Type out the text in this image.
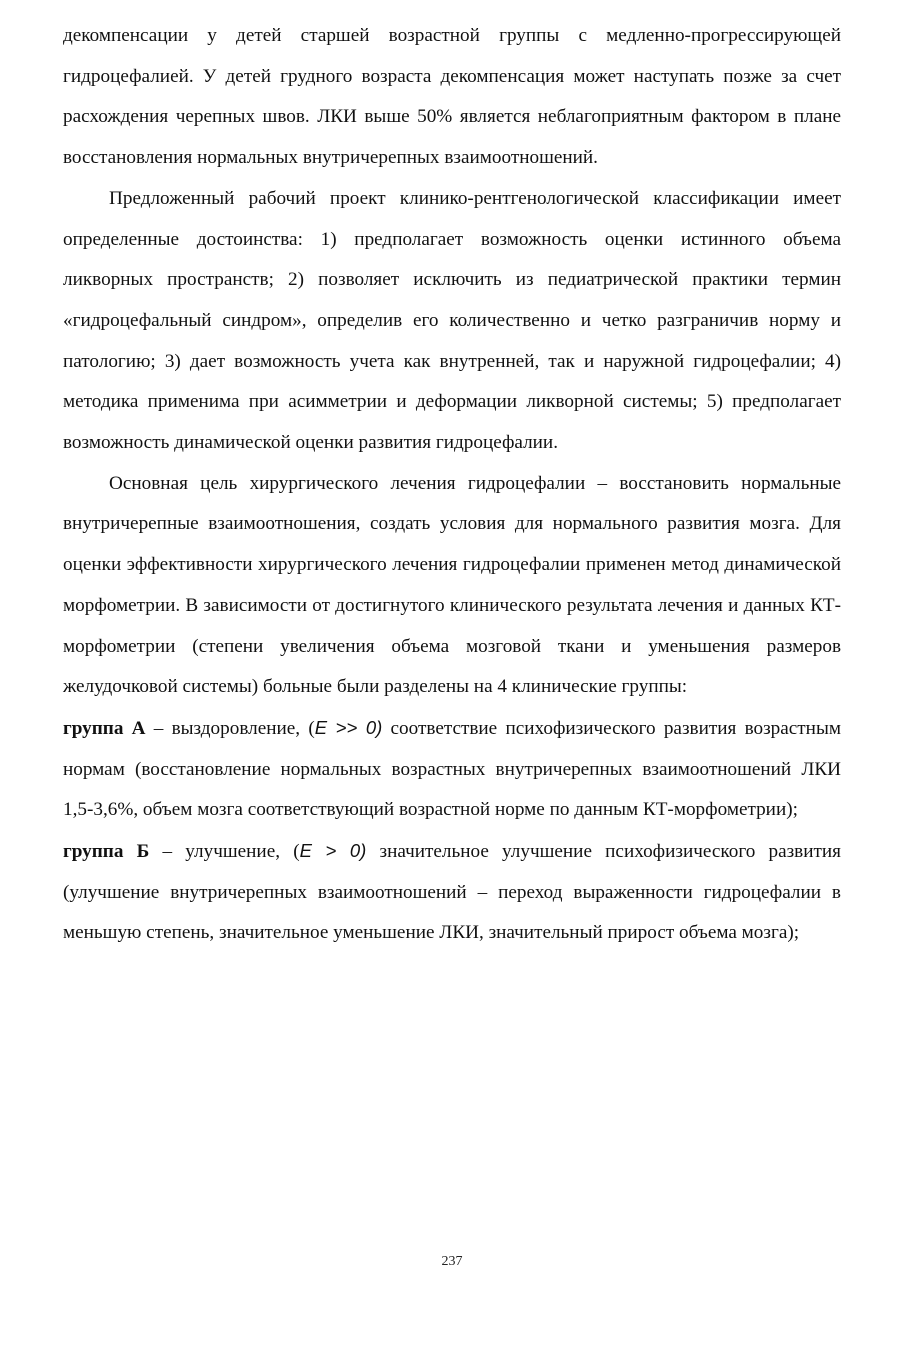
декомпенсации у детей старшей возрастной группы с медленно-прогрессирующей гидроцефалией. У детей грудного возраста декомпенсация может наступать позже за счет расхождения черепных швов. ЛКИ выше 50% является неблагоприятным фактором в плане восстановления нормальных внутричерепных взаимоотношений.

Предложенный рабочий проект клинико-рентгенологической классификации имеет определенные достоинства: 1) предполагает возможность оценки истинного объема ликворных пространств; 2) позволяет исключить из педиатрической практики термин «гидроцефальный синдром», определив его количественно и четко разграничив норму и патологию; 3) дает возможность учета как внутренней, так и наружной гидроцефалии; 4) методика применима при асимметрии и деформации ликворной системы; 5) предполагает возможность динамической оценки развития гидроцефалии.

Основная цель хирургического лечения гидроцефалии – восстановить нормальные внутричерепные взаимоотношения, создать условия для нормального развития мозга. Для оценки эффективности хирургического лечения гидроцефалии применен метод динамической морфометрии. В зависимости от достигнутого клинического результата лечения и данных КТ-морфометрии (степени увеличения объема мозговой ткани и уменьшения размеров желудочковой системы) больные были разделены на 4 клинические группы:

группа А – выздоровление, (E >> 0) соответствие психофизического развития возрастным нормам (восстановление нормальных возрастных внутричерепных взаимоотношений ЛКИ 1,5-3,6%, объем мозга соответствующий возрастной норме по данным КТ-морфометрии);

группа Б – улучшение, (E > 0) значительное улучшение психофизического развития (улучшение внутричерепных взаимоотношений – переход выраженности гидроцефалии в меньшую степень, значительное уменьшение ЛКИ, значительный прирост объема мозга);

237
